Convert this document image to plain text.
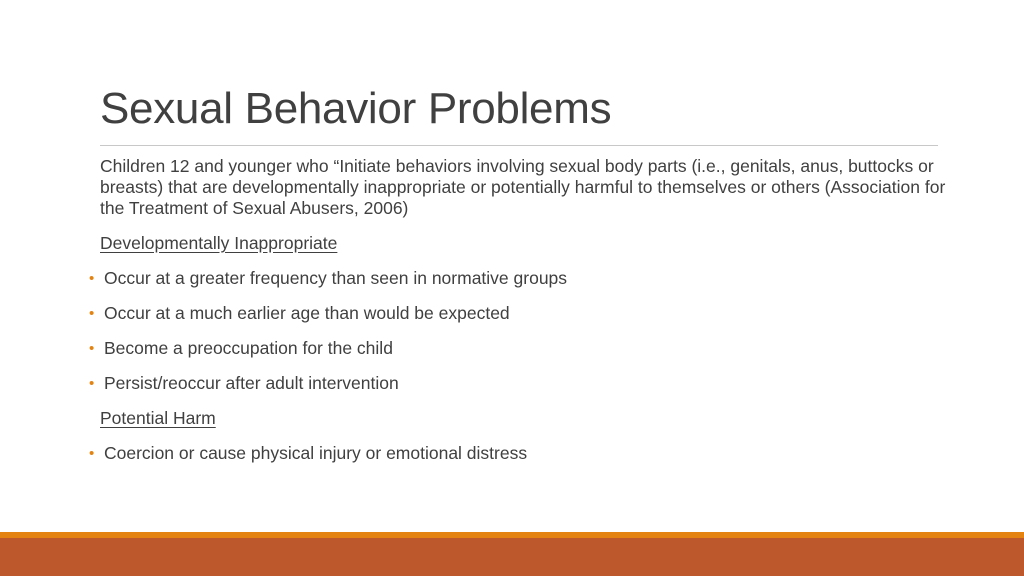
Sexual Behavior Problems

Children 12 and younger who “Initiate behaviors involving sexual body parts (i.e., genitals, anus, buttocks or breasts) that are developmentally inappropriate or potentially harmful to themselves or others (Association for the Treatment of Sexual Abusers, 2006)

Developmentally Inappropriate

• Occur at a greater frequency than seen in normative groups

• Occur at a much earlier age than would be expected

• Become a preoccupation for the child

• Persist/reoccur after adult intervention

Potential Harm

• Coercion or cause physical injury or emotional distress
